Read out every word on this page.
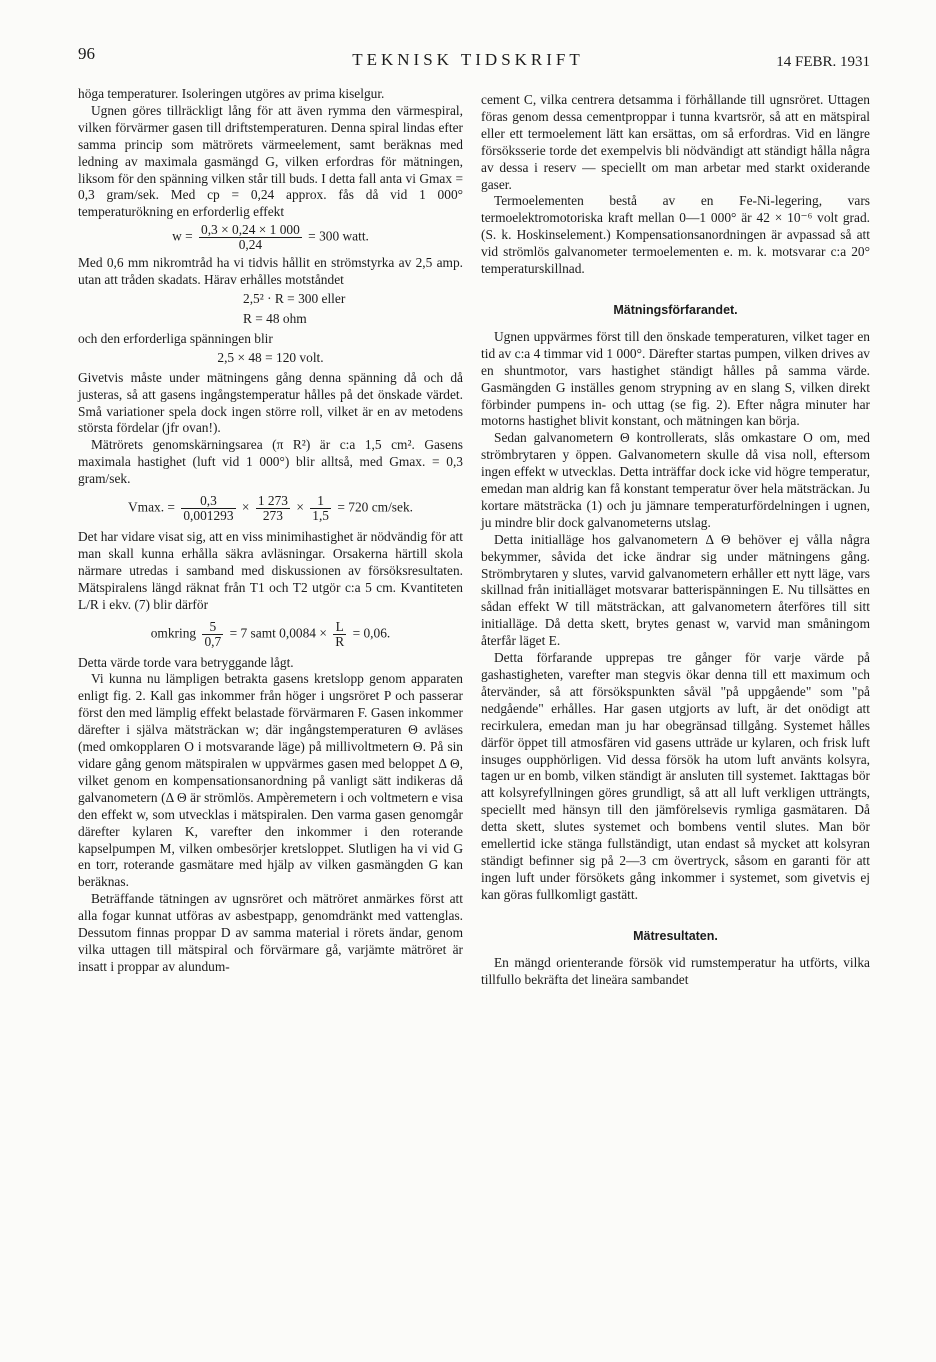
96	TEKNISK TIDSKRIFT	14 FEBR. 1931

höga temperaturer. Isoleringen utgöres av prima kiselgur.

Ugnen göres tillräckligt lång för att även rymma den värmespiral, vilken förvärmer gasen till driftstemperaturen. Denna spiral lindas efter samma princip som mätrörets värmeelement, samt beräknas med ledning av maximala gasmängd G, vilken erfordras för mätningen, liksom för den spänning vilken står till buds. I detta fall anta vi Gmax = 0,3 gram/sek. Med cp = 0,24 approx. fås då vid 1 000° temperaturökning en erforderlig effekt

$w = \frac{0,3 \times 0,24 \times 1 000}{0,24} = 300$ watt.

Med 0,6 mm nikromtråd ha vi tidvis hållit en strömstyrka av 2,5 amp. utan att tråden skadats. Härav erhålles motståndet

2,5² · R = 300 eller
R = 48 ohm

och den erforderliga spänningen blir

2,5 × 48 = 120 volt.

Givetvis måste under mätningens gång denna spänning då och då justeras, så att gasens ingångstemperatur hålles på det önskade värdet. Små variationer spela dock ingen större roll, vilket är en av metodens största fördelar (jfr ovan!).

Mätrörets genomskärningsarea (π R²) är c:a 1,5 cm². Gasens maximala hastighet (luft vid 1 000°) blir alltså, med Gmax. = 0,3 gram/sek.

Vmax. = $\frac{0,3}{0,001293} \times \frac{1 273}{273} \times \frac{1}{1,5} = 720$ cm/sek.

Det har vidare visat sig, att en viss minimihastighet är nödvändig för att man skall kunna erhålla säkra avläsningar. Orsakerna härtill skola närmare utredas i samband med diskussionen av försöksresultaten. Mätspiralens längd räknat från T1 och T2 utgör c:a 5 cm. Kvantiteten L/R i ekv. (7) blir därför

omkring $\frac{5}{0,7} = 7$ samt $0,0084 \times \frac{L}{R} = 0,06$.

Detta värde torde vara betryggande lågt.

Vi kunna nu lämpligen betrakta gasens kretslopp genom apparaten enligt fig. 2. Kall gas inkommer från höger i ungsröret P och passerar först den med lämplig effekt belastade förvärmaren F. Gasen inkommer därefter i själva mätsträckan w; där ingångstemperaturen Θ avläses (med omkopplaren O i motsvarande läge) på millivoltmetern Θ. På sin vidare gång genom mätspiralen w uppvärmes gasen med beloppet Δ Θ, vilket genom en kompensationsanordning på vanligt sätt indikeras då galvanometern (Δ Θ är strömlös. Ampèremetern i och voltmetern e visa den effekt w, som utvecklas i mätspiralen. Den varma gasen genomgår därefter kylaren K, varefter den inkommer i den roterande kapselpumpen M, vilken ombesörjer kretsloppet. Slutligen ha vi vid G en torr, roterande gasmätare med hjälp av vilken gasmängden G kan beräknas.

Beträffande tätningen av ugnsröret och mätröret anmärkes först att alla fogar kunnat utföras av asbestpapp, genomdränkt med vattenglas. Dessutom finnas proppar D av samma material i rörets ändar, genom vilka uttagen till mätspiral och förvärmare gå, varjämte mätröret är insatt i proppar av alundum-

cement C, vilka centrera detsamma i förhållande till ugnsröret. Uttagen föras genom dessa cementproppar i tunna kvartsrör, så att en mätspiral eller ett termoelement lätt kan ersättas, om så erfordras. Vid en längre försöksserie torde det exempelvis bli nödvändigt att ständigt hålla några av dessa i reserv — speciellt om man arbetar med starkt oxiderande gaser.

Termoelementen bestå av en Fe-Ni-legering, vars termoelektromotoriska kraft mellan 0—1 000° är 42 × 10⁻⁶ volt grad. (S. k. Hoskinselement.) Kompensationsanordningen är avpassad så att vid strömlös galvanometer termoelementen e. m. k. motsvarar c:a 20° temperaturskillnad.

Mätningsförfarandet.

Ugnen uppvärmes först till den önskade temperaturen, vilket tager en tid av c:a 4 timmar vid 1 000°. Därefter startas pumpen, vilken drives av en shuntmotor, vars hastighet ständigt hålles på samma värde. Gasmängden G inställes genom strypning av en slang S, vilken direkt förbinder pumpens in- och uttag (se fig. 2). Efter några minuter har motorns hastighet blivit konstant, och mätningen kan börja.

Sedan galvanometern Θ kontrollerats, slås omkastare O om, med strömbrytaren y öppen. Galvanometern skulle då visa noll, eftersom ingen effekt w utvecklas. Detta inträffar dock icke vid högre temperatur, emedan man aldrig kan få konstant temperatur över hela mätsträckan. Ju kortare mätsträcka (1) och ju jämnare temperaturfördelningen i ugnen, ju mindre blir dock galvanometerns utslag.

Detta initialläge hos galvanometern Δ Θ behöver ej vålla några bekymmer, såvida det icke ändrar sig under mätningens gång. Strömbrytaren y slutes, varvid galvanometern erhåller ett nytt läge, vars skillnad från initialläget motsvarar batterispänningen E. Nu tillsättes en sådan effekt W till mätsträckan, att galvanometern återföres till sitt initialläge. Då detta skett, brytes genast w, varvid man småningom återfår läget E.

Detta förfarande upprepas tre gånger för varje värde på gashastigheten, varefter man stegvis ökar denna till ett maximum och återvänder, så att försökspunkten såväl "på uppgående" som "på nedgående" erhålles. Har gasen utgjorts av luft, är det onödigt att recirkulera, emedan man ju har obegränsad tillgång. Systemet hålles därför öppet till atmosfären vid gasens utträde ur kylaren, och frisk luft insuges oupphörligen. Vid dessa försök ha utom luft använts kolsyra, tagen ur en bomb, vilken ständigt är ansluten till systemet. Iakttagas bör att kolsyrefyllningen göres grundligt, så att all luft verkligen utträngts, speciellt med hänsyn till den jämförelsevis rymliga gasmätaren. Då detta skett, slutes systemet och bombens ventil slutes. Man bör emellertid icke stänga fullständigt, utan endast så mycket att kolsyran ständigt befinner sig på 2—3 cm övertryck, såsom en garanti för att ingen luft under försökets gång inkommer i systemet, som givetvis ej kan göras fullkomligt gastätt.

Mätresultaten.

En mängd orienterande försök vid rumstemperatur ha utförts, vilka tillfullo bekräfta det lineära sambandet
